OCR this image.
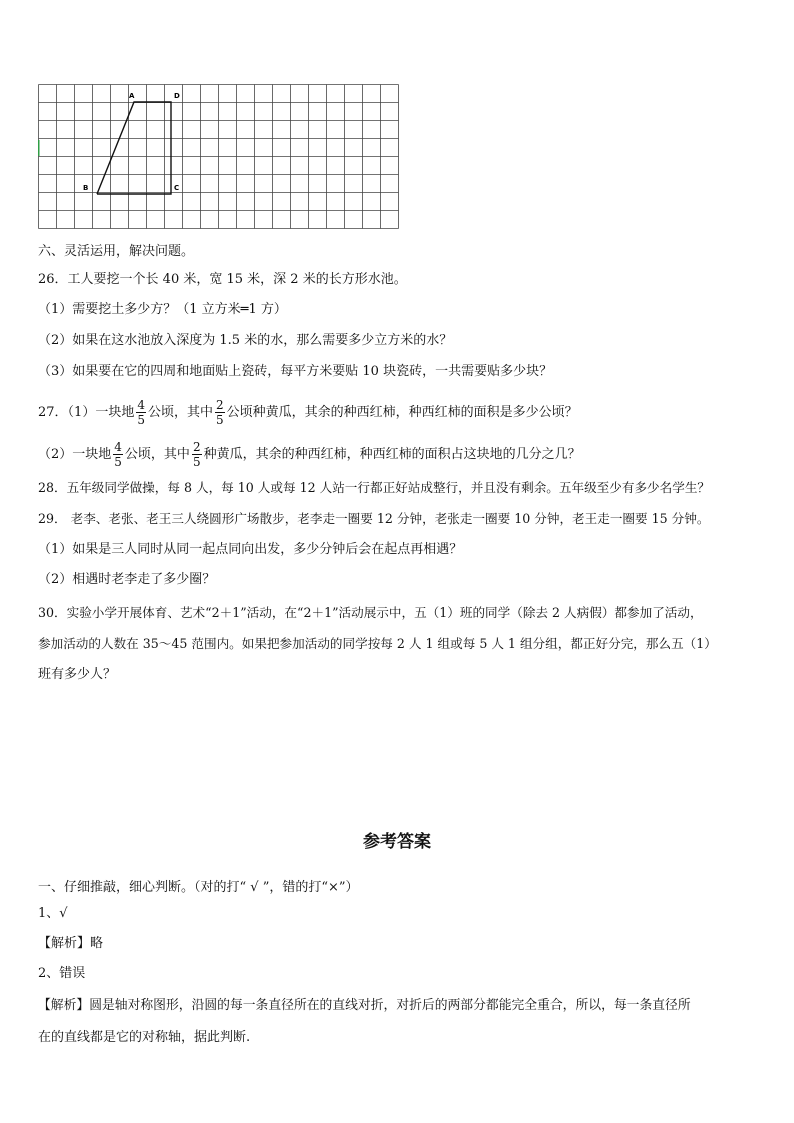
A	D
B	C
六、灵活运用，解决问题。
26．工人要挖一个长 40 米，宽 15 米，深 2 米的长方形水池。
（1）需要挖土多少方？（1 立方米═1 方）
（2）如果在这水池放入深度为 1.5 米的水，那么需要多少立方米的水？
（3）如果要在它的四周和地面贴上瓷砖，每平方米要贴 10 块瓷砖，一共需要贴多少块？
27．（1）一块地 $\frac{4}{5}$ 公顷，其中 $\frac{2}{5}$ 公顷种黄瓜，其余的种西红柿，种西红柿的面积是多少公顷？
（2）一块地 $\frac{4}{5}$ 公顷，其中 $\frac{2}{5}$ 种黄瓜，其余的种西红柿，种西红柿的面积占这块地的几分之几？
28．五年级同学做操，每 8 人，每 10 人或每 12 人站一行都正好站成整行，并且没有剩余。五年级至少有多少名学生？
29． 老李、老张、老王三人绕圆形广场散步，老李走一圈要 12 分钟，老张走一圈要 10 分钟，老王走一圈要 15 分钟。
（1）如果是三人同时从同一起点同向出发，多少分钟后会在起点再相遇？
（2）相遇时老李走了多少圈？
30．实验小学开展体育、艺术“2＋1”活动，在“2＋1”活动展示中，五（1）班的同学（除去 2 人病假）都参加了活动，
参加活动的人数在 35～45 范围内。如果把参加活动的同学按每 2 人 1 组或每 5 人 1 组分组，都正好分完，那么五（1）
班有多少人？
参考答案
一、仔细推敲，细心判断。（对的打“ √ ”，错的打“×”）
1、√
【解析】略
2、错误
【解析】圆是轴对称图形，沿圆的每一条直径所在的直线对折，对折后的两部分都能完全重合，所以，每一条直径所
在的直线都是它的对称轴，据此判断.
